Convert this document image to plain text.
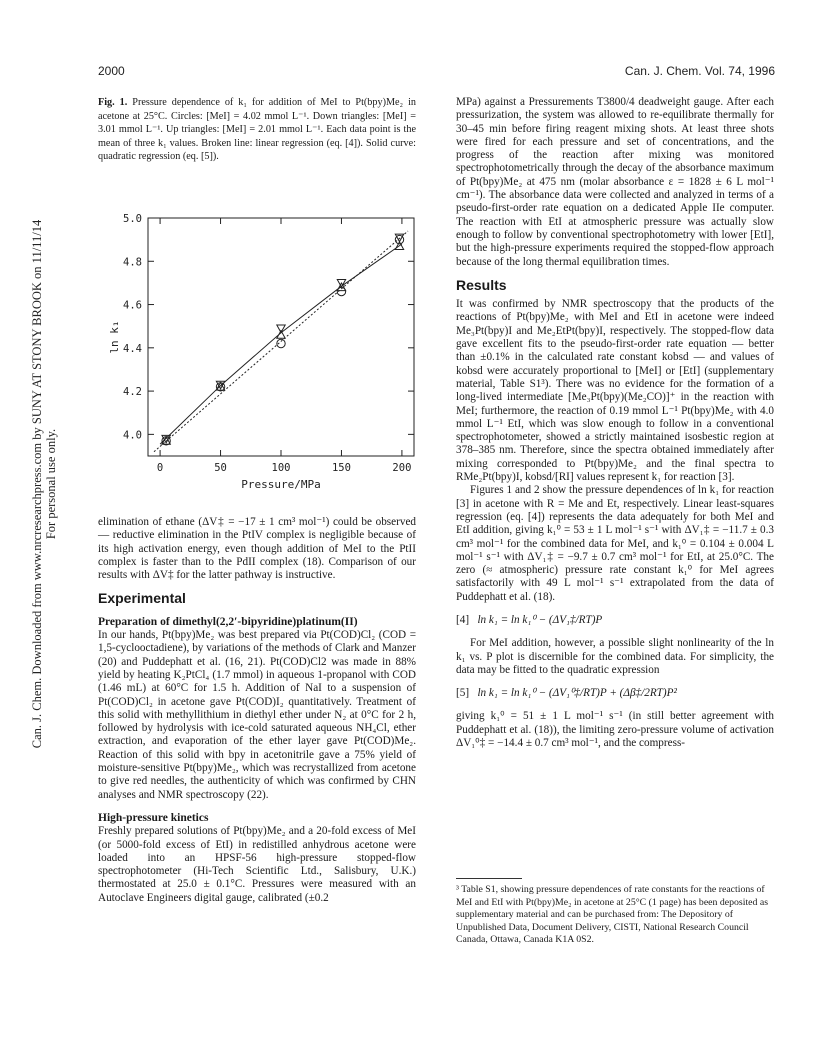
2000	Can. J. Chem. Vol. 74, 1996
Can. J. Chem. Downloaded from www.nrcresearchpress.com by SUNY AT STONY BROOK on 11/11/14 For personal use only.
Fig. 1. Pressure dependence of k₁ for addition of MeI to Pt(bpy)Me₂ in acetone at 25°C. Circles: [MeI] = 4.02 mmol L⁻¹. Down triangles: [MeI] = 3.01 mmol L⁻¹. Up triangles: [MeI] = 2.01 mmol L⁻¹. Each data point is the mean of three k₁ values. Broken line: linear regression (eq. [4]). Solid curve: quadratic regression (eq. [5]).
0	50	100	150	200
4.0
4.2
4.4
4.6
4.8
5.0
Pressure/MPa
ln k₁

elimination of ethane (ΔV‡ = −17 ± 1 cm³ mol⁻¹) could be observed — reductive elimination in the PtIV complex is negligible because of its high activation energy, even though addition of MeI to the PtII complex is faster than to the PdII complex (18). Comparison of our results with ΔV‡ for the latter pathway is instructive.

Experimental
Preparation of dimethyl(2,2′-bipyridine)platinum(II)

In our hands, Pt(bpy)Me₂ was best prepared via Pt(COD)Cl₂ (COD = 1,5-cyclooctadiene), by variations of the methods of Clark and Manzer (20) and Puddephatt et al. (16, 21). Pt(COD)Cl2 was made in 88% yield by heating K₂PtCl₄ (1.7 mmol) in aqueous 1-propanol with COD (1.46 mL) at 60°C for 1.5 h. Addition of NaI to a suspension of Pt(COD)Cl₂ in acetone gave Pt(COD)I₂ quantitatively. Treatment of this solid with methyllithium in diethyl ether under N₂ at 0°C for 2 h, followed by hydrolysis with ice-cold saturated aqueous NH₄Cl, ether extraction, and evaporation of the ether layer gave Pt(COD)Me₂. Reaction of this solid with bpy in acetonitrile gave a 75% yield of moisture-sensitive Pt(bpy)Me₂, which was recrystallized from acetone to give red needles, the authenticity of which was confirmed by CHN analyses and NMR spectroscopy (22).

High-pressure kinetics

Freshly prepared solutions of Pt(bpy)Me₂ and a 20-fold excess of MeI (or 5000-fold excess of EtI) in redistilled anhydrous acetone were loaded into an HPSF-56 high-pressure stopped-flow spectrophotometer (Hi-Tech Scientific Ltd., Salisbury, U.K.) thermostated at 25.0 ± 0.1°C. Pressures were measured with an Autoclave Engineers digital gauge, calibrated (±0.2

MPa) against a Pressurements T3800/4 deadweight gauge. After each pressurization, the system was allowed to re-equilibrate thermally for 30–45 min before firing reagent mixing shots. At least three shots were fired for each pressure and set of concentrations, and the progress of the reaction after mixing was monitored spectrophotometrically through the decay of the absorbance maximum of Pt(bpy)Me₂ at 475 nm (molar absorbance ε = 1828 ± 6 L mol⁻¹ cm⁻¹). The absorbance data were collected and analyzed in terms of a pseudo-first-order rate equation on a dedicated Apple IIe computer. The reaction with EtI at atmospheric pressure was actually slow enough to follow by conventional spectrophotometry with lower [EtI], but the high-pressure experiments required the stopped-flow approach because of the long thermal equilibration times.

Results

It was confirmed by NMR spectroscopy that the products of the reactions of Pt(bpy)Me₂ with MeI and EtI in acetone were indeed Me₃Pt(bpy)I and Me₂EtPt(bpy)I, respectively. The stopped-flow data gave excellent fits to the pseudo-first-order rate equation — better than ±0.1% in the calculated rate constant kobsd — and values of kobsd were accurately proportional to [MeI] or [EtI] (supplementary material, Table S1³). There was no evidence for the formation of a long-lived intermediate [Me₃Pt(bpy)(Me₂CO)]⁺ in the reaction with MeI; furthermore, the reaction of 0.19 mmol L⁻¹ Pt(bpy)Me₂ with 4.0 mmol L⁻¹ EtI, which was slow enough to follow in a conventional spectrophotometer, showed a strictly maintained isosbestic region at 378–385 nm. Therefore, since the spectra obtained immediately after mixing corresponded to Pt(bpy)Me₂ and the final spectra to RMe₂Pt(bpy)I, kobsd/[RI] values represent k₁ for reaction [3].

Figures 1 and 2 show the pressure dependences of ln k₁ for reaction [3] in acetone with R = Me and Et, respectively. Linear least-squares regression (eq. [4]) represents the data adequately for both MeI and EtI addition, giving k₁⁰ = 53 ± 1 L mol⁻¹ s⁻¹ with ΔV₁‡ = −11.7 ± 0.3 cm³ mol⁻¹ for the combined data for MeI, and k₁⁰ = 0.104 ± 0.004 L mol⁻¹ s⁻¹ with ΔV₁‡ = −9.7 ± 0.7 cm³ mol⁻¹ for EtI, at 25.0°C. The zero (≈ atmospheric) pressure rate constant k₁⁰ for MeI agrees satisfactorily with 49 L mol⁻¹ s⁻¹ extrapolated from the data of Puddephatt et al. (18).

[4] ln k₁ = ln k₁⁰ − (ΔV₁‡/RT)P

For MeI addition, however, a possible slight nonlinearity of the ln k₁ vs. P plot is discernible for the combined data. For simplicity, the data may be fitted to the quadratic expression

[5] ln k₁ = ln k₁⁰ − (ΔV₁⁰‡/RT)P + (Δβ‡/2RT)P²

giving k₁⁰ = 51 ± 1 L mol⁻¹ s⁻¹ (in still better agreement with Puddephatt et al. (18)), the limiting zero-pressure volume of activation ΔV₁⁰‡ = −14.4 ± 0.7 cm³ mol⁻¹, and the compress-

³ Table S1, showing pressure dependences of rate constants for the reactions of MeI and EtI with Pt(bpy)Me₂ in acetone at 25°C (1 page) has been deposited as supplementary material and can be purchased from: The Depository of Unpublished Data, Document Delivery, CISTI, National Research Council Canada, Ottawa, Canada K1A 0S2.
